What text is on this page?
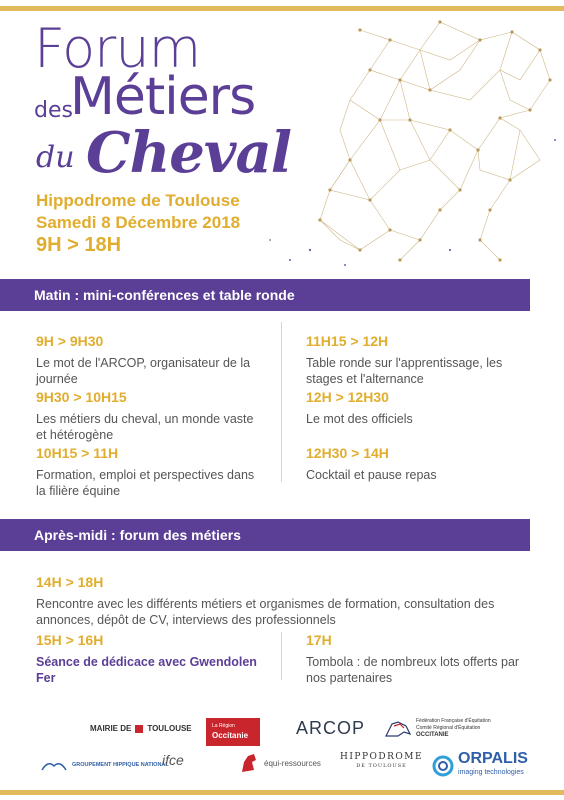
Forum
des
Métiers
du Cheval
Hippodrome de Toulouse
Samedi 8 Décembre 2018
9H > 18H
Matin : mini-conférences et table ronde
9H > 9H30
Le mot de l'ARCOP, organisateur de la journée
9H30 > 10H15
Les métiers du cheval, un monde vaste et hétérogène
10H15 > 11H
Formation, emploi et perspectives dans la filière équine
11H15 > 12H
Table ronde sur l'apprentissage, les stages et l'alternance
12H > 12H30
Le mot des officiels
12H30 > 14H
Cocktail et pause repas
Après-midi : forum des métiers
14H > 18H
Rencontre avec les différents métiers et organismes de formation, consultation des annonces, dépôt de CV, interviews des professionnels
15H > 16H
Séance de dédicace avec Gwendolen Fer
17H
Tombola : de nombreux lots offerts par nos partenaires
MAIRIE DE TOULOUSE	La Région
Occitanie	ARCOP	Fédération Française d'Équitation
Comité Régional d'Équitation
OCCITANIE
GROUPEMENT HIPPIQUE NATIONAL
ifce	équi-ressources
HIPPODROME
DE TOULOUSE	ORPALIS
imaging technologies
